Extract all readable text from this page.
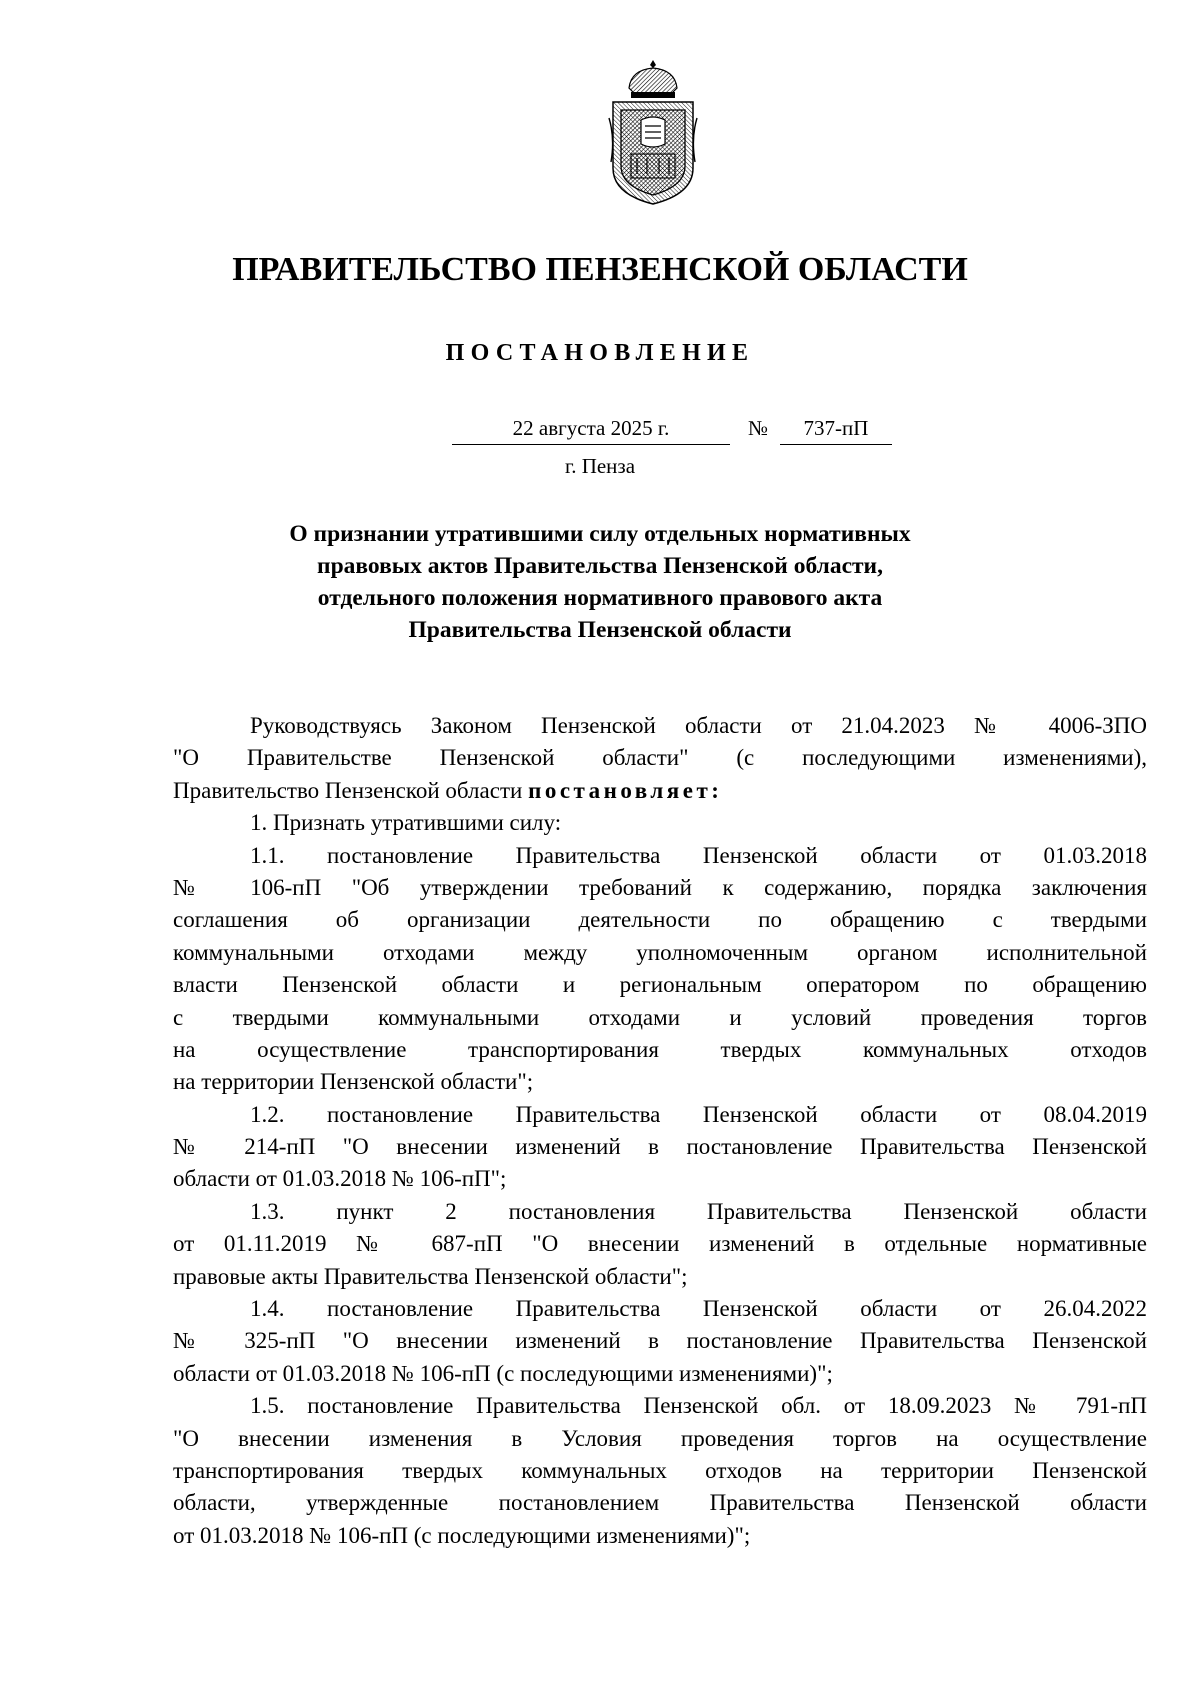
ПРАВИТЕЛЬСТВО ПЕНЗЕНСКОЙ ОБЛАСТИ
ПОСТАНОВЛЕНИЕ
22 августа 2025 г.	№	737-пП
г. Пенза
О признании утратившими силу отдельных нормативных
правовых актов Правительства Пензенской области,
отдельного положения нормативного правового акта
Правительства Пензенской области
Руководствуясь Законом Пензенской области от 21.04.2023 № 4006-ЗПО
"О Правительстве Пензенской области" (с последующими изменениями),
Правительство Пензенской области постановляет:
1. Признать утратившими силу:
1.1. постановление Правительства Пензенской области от 01.03.2018
№ 106-пП "Об утверждении требований к содержанию, порядка заключения
соглашения об организации деятельности по обращению с твердыми
коммунальными отходами между уполномоченным органом исполнительной
власти Пензенской области и региональным оператором по обращению
с твердыми коммунальными отходами и условий проведения торгов
на осуществление транспортирования твердых коммунальных отходов
на территории Пензенской области";
1.2. постановление Правительства Пензенской области от 08.04.2019
№ 214-пП "О внесении изменений в постановление Правительства Пензенской
области от 01.03.2018 № 106-пП";
1.3. пункт 2 постановления Правительства Пензенской области
от 01.11.2019 № 687-пП "О внесении изменений в отдельные нормативные
правовые акты Правительства Пензенской области";
1.4. постановление Правительства Пензенской области от 26.04.2022
№ 325-пП "О внесении изменений в постановление Правительства Пензенской
области от 01.03.2018 № 106-пП (с последующими изменениями)";
1.5. постановление Правительства Пензенской обл. от 18.09.2023 № 791-пП
"О внесении изменения в Условия проведения торгов на осуществление
транспортирования твердых коммунальных отходов на территории Пензенской
области, утвержденные постановлением Правительства Пензенской области
от 01.03.2018 № 106-пП (с последующими изменениями)";
